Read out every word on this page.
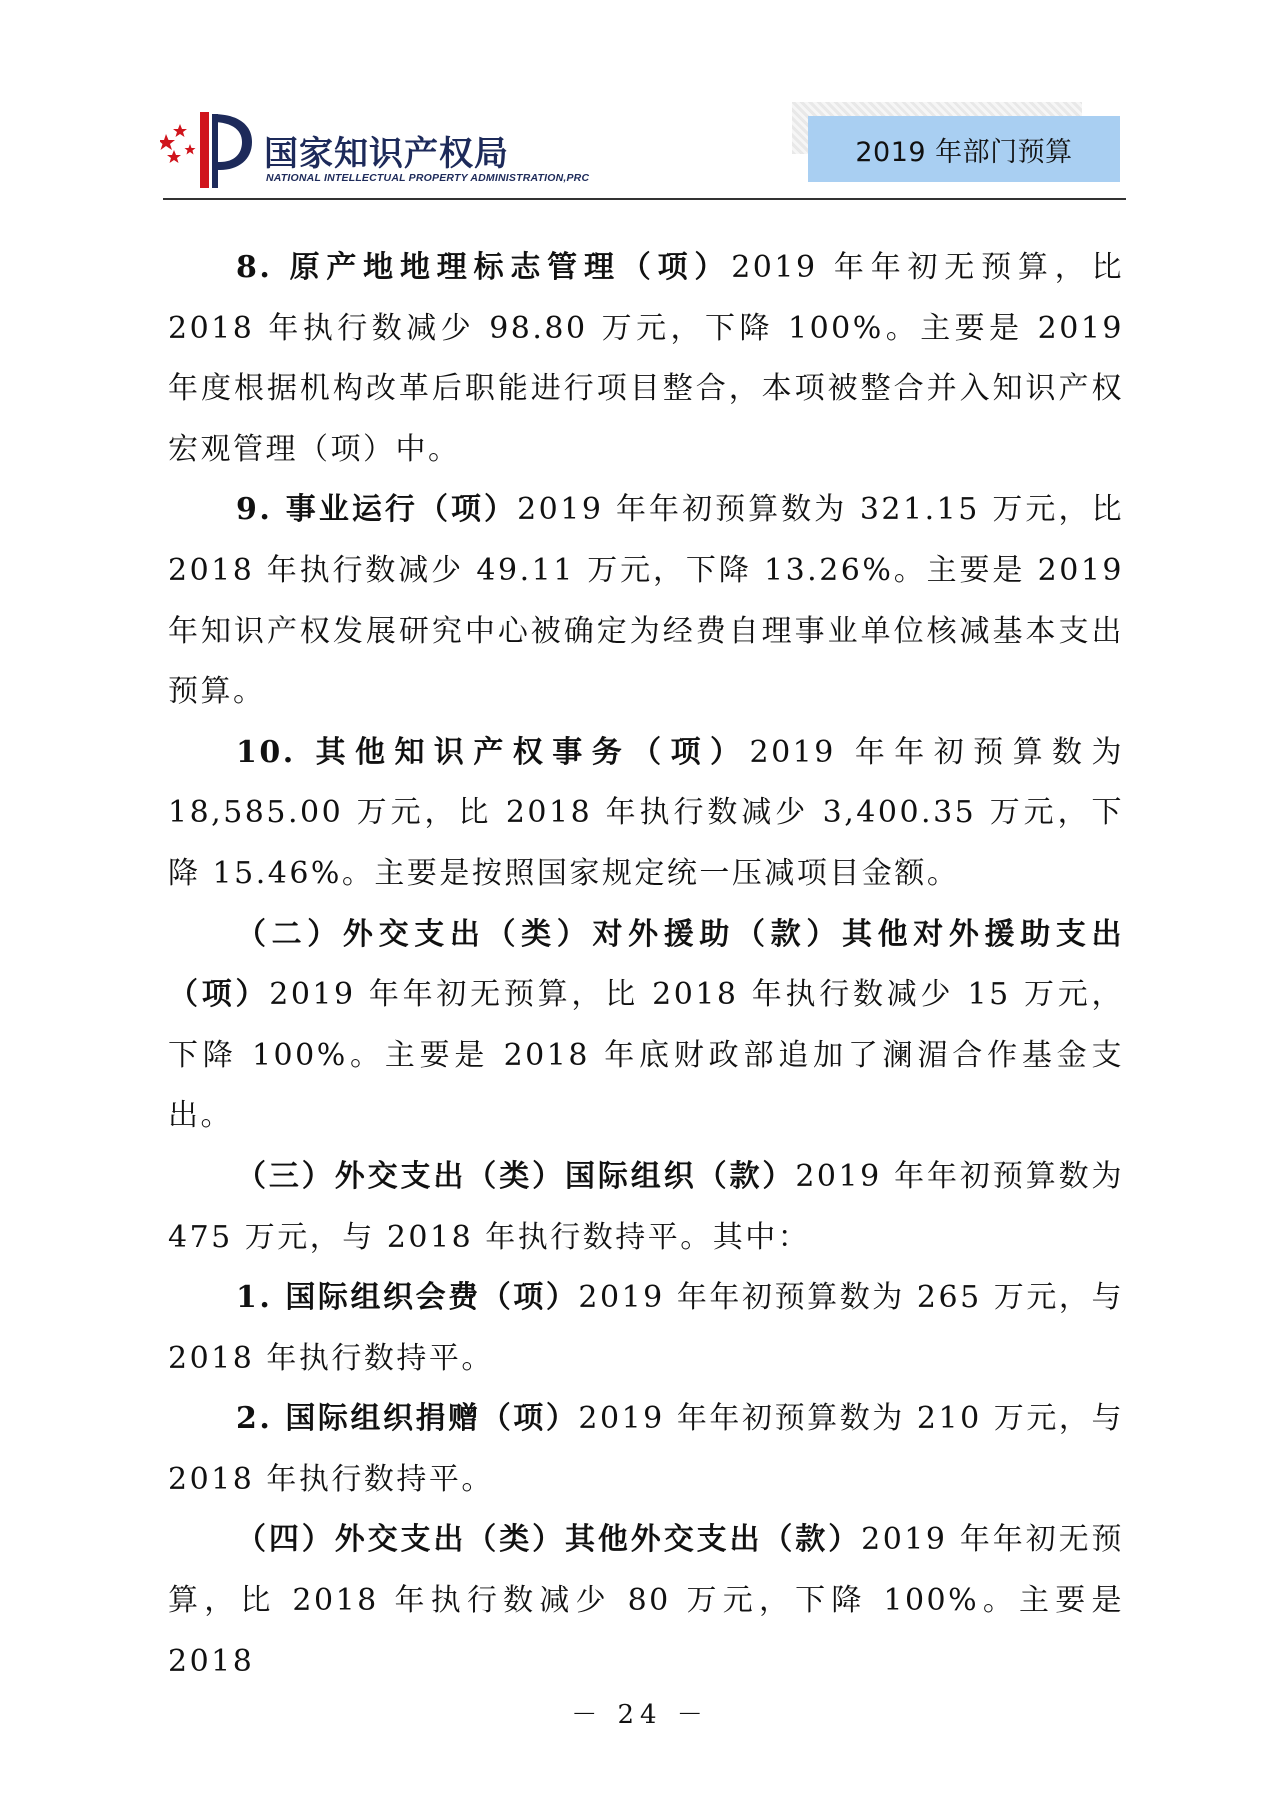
国家知识产权局
NATIONAL INTELLECTUAL PROPERTY ADMINISTRATION,PRC
2019 年部门预算

8. 原产地地理标志管理（项）2019 年年初无预算，比 2018 年执行数减少 98.80 万元，下降 100%。主要是 2019 年度根据机构改革后职能进行项目整合，本项被整合并入知识产权宏观管理（项）中。

9. 事业运行（项）2019 年年初预算数为 321.15 万元，比 2018 年执行数减少 49.11 万元，下降 13.26%。主要是 2019 年知识产权发展研究中心被确定为经费自理事业单位核减基本支出预算。

10. 其他知识产权事务（项）2019 年年初预算数为 18,585.00 万元，比 2018 年执行数减少 3,400.35 万元，下降 15.46%。主要是按照国家规定统一压减项目金额。

（二）外交支出（类）对外援助（款）其他对外援助支出（项）2019 年年初无预算，比 2018 年执行数减少 15 万元，下降 100%。主要是 2018 年底财政部追加了澜湄合作基金支出。

（三）外交支出（类）国际组织（款）2019 年年初预算数为 475 万元，与 2018 年执行数持平。其中：

1. 国际组织会费（项）2019 年年初预算数为 265 万元，与 2018 年执行数持平。

2. 国际组织捐赠（项）2019 年年初预算数为 210 万元，与 2018 年执行数持平。

（四）外交支出（类）其他外交支出（款）2019 年年初无预算，比 2018 年执行数减少 80 万元，下降 100%。主要是 2018

－ 24 －
